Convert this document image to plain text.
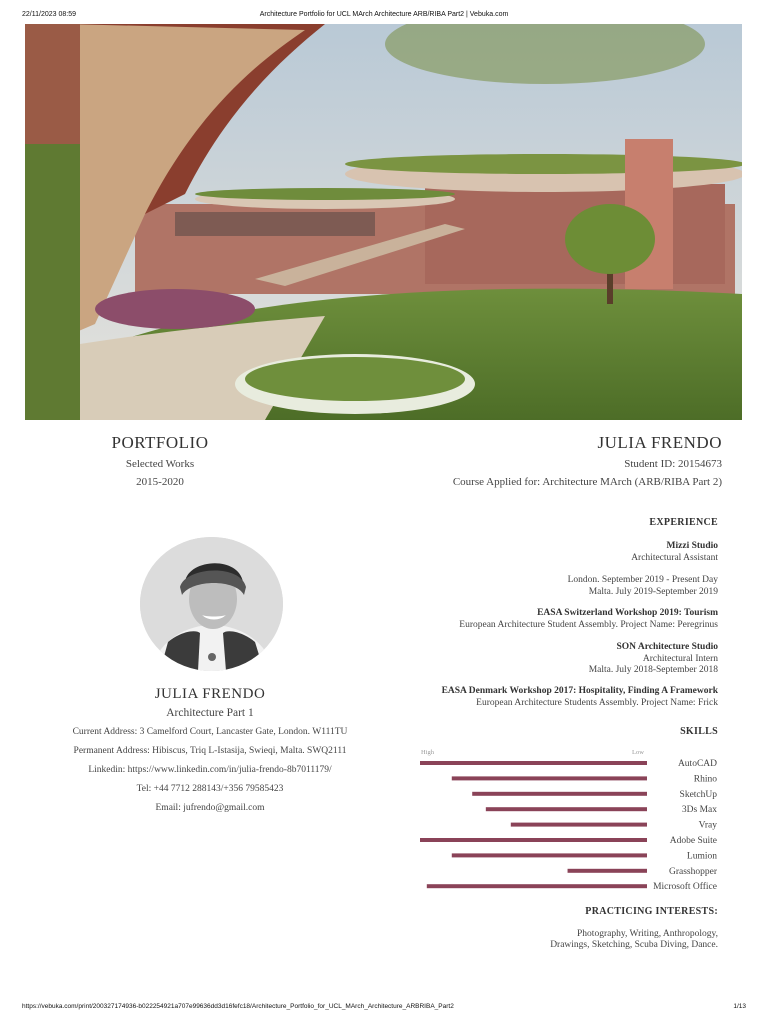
22/11/2023 08:59	Architecture Portfolio for UCL MArch Architecture ARB/RIBA Part2 | Vebuka.com
PORTFOLIO
Selected Works
2015-2020
JULIA FRENDO
Student ID: 20154673
Course Applied for: Architecture MArch (ARB/RIBA Part 2)
JULIA FRENDO
Architecture Part 1
Current Address: 3 Camelford Court, Lancaster Gate, London. W111TU
Permanent Address: Hibiscus, Triq L-Istasija, Swieqi, Malta. SWQ2111
Linkedin: https://www.linkedin.com/in/julia-frendo-8b7011179/
Tel: +44 7712 288143/+356 79585423
Email: jufrendo@gmail.com
EXPERIENCE
Mizzi Studio
Architectural Assistant
London. September 2019 - Present Day
Malta. July 2019-September 2019
EASA Switzerland Workshop 2019: Tourism
European Architecture Student Assembly. Project Name: Peregrinus
SON Architecture Studio
Architectural Intern
Malta. July 2018-September 2018
EASA Denmark Workshop 2017: Hospitality, Finding A Framework
European Architecture Students Assembly. Project Name: Frick
SKILLS
High	Low
AutoCAD
Rhino
SketchUp
3Ds Max
Vray
Adobe Suite
Lumion
Grasshopper
Microsoft Office
PRACTICING INTERESTS:
Photography, Writing, Anthropology,
Drawings, Sketching, Scuba Diving, Dance.
https://vebuka.com/print/200327174936-b022254921a707e99636dd3d16fefc18/Architecture_Portfolio_for_UCL_MArch_Architecture_ARBRIBA_Part2	1/13
